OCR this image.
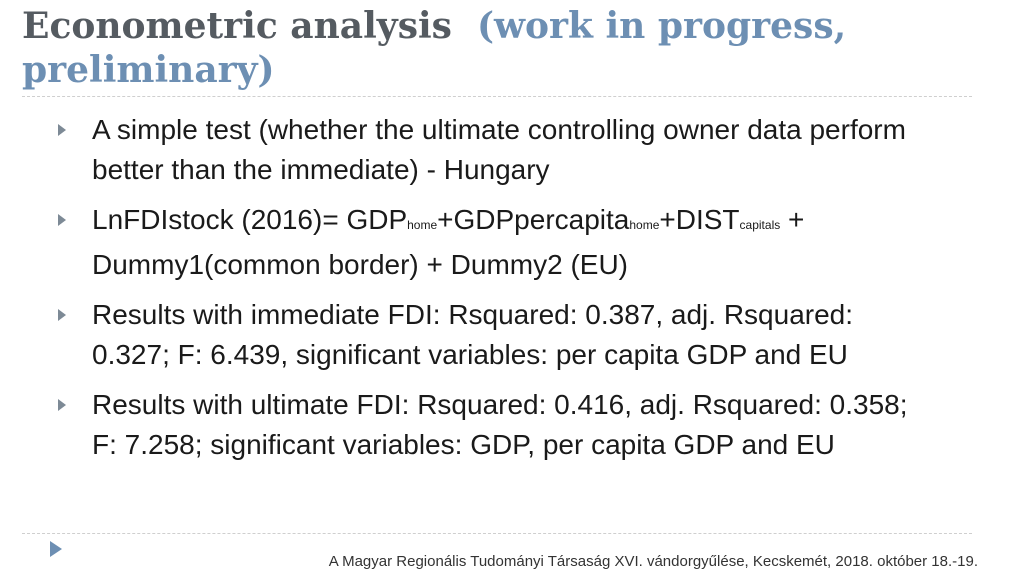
Econometric analysis (work in progress, preliminary)
A simple test (whether the ultimate controlling owner data perform better than the immediate) - Hungary
LnFDIstock (2016)= GDPhome+GDPpercapitahome+DISTcapitals + Dummy1(common border) + Dummy2 (EU)
Results with immediate FDI: Rsquared: 0.387, adj. Rsquared: 0.327; F: 6.439, significant variables: per capita GDP and EU
Results with ultimate FDI: Rsquared: 0.416, adj. Rsquared: 0.358; F: 7.258; significant variables: GDP, per capita GDP and EU
A Magyar Regionális Tudományi Társaság XVI. vándorgyűlése, Kecskemét, 2018. október 18.-19.
